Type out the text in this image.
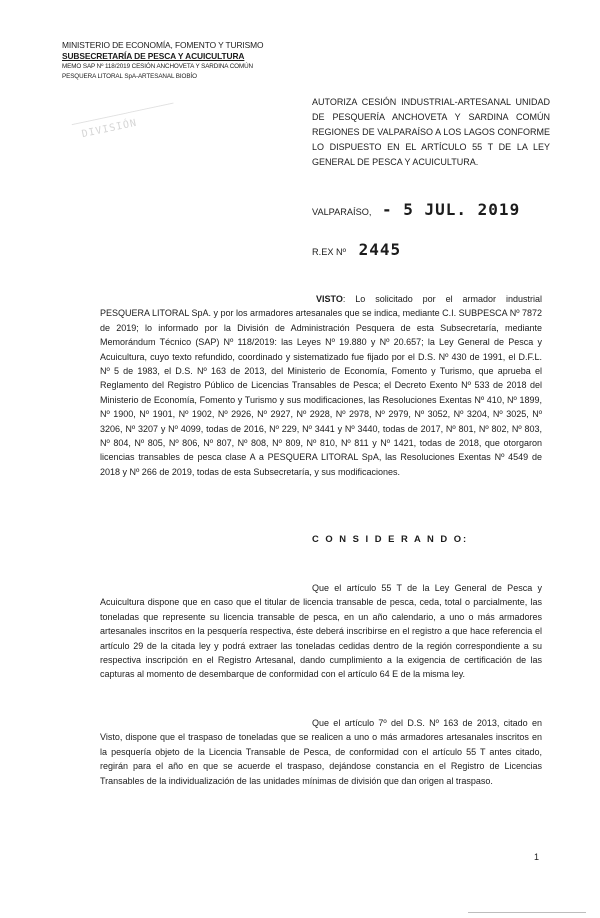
MINISTERIO DE ECONOMÍA, FOMENTO Y TURISMO
SUBSECRETARÍA DE PESCA Y ACUICULTURA
MEMO SAP Nº 118/2019 CESIÓN ANCHOVETA Y SARDINA COMÚN
PESQUERA LITORAL SpA-ARTESANAL BIOBÍO
DIVISIÓN
AUTORIZA CESIÓN INDUSTRIAL-ARTESANAL UNIDAD DE PESQUERÍA ANCHOVETA Y SARDINA COMÚN REGIONES DE VALPARAÍSO A LOS LAGOS CONFORME LO DISPUESTO EN EL ARTÍCULO 55 T DE LA LEY GENERAL DE PESCA Y ACUICULTURA.
VALPARAÍSO, - 5 JUL. 2019
R.EX Nº 2445
VISTO: Lo solicitado por el armador industrial PESQUERA LITORAL SpA. y por los armadores artesanales que se indica, mediante C.I. SUBPESCA Nº 7872 de 2019; lo informado por la División de Administración Pesquera de esta Subsecretaría, mediante Memorándum Técnico (SAP) Nº 118/2019: las Leyes Nº 19.880 y Nº 20.657; la Ley General de Pesca y Acuicultura, cuyo texto refundido, coordinado y sistematizado fue fijado por el D.S. Nº 430 de 1991, el D.F.L. Nº 5 de 1983, el D.S. Nº 163 de 2013, del Ministerio de Economía, Fomento y Turismo, que aprueba el Reglamento del Registro Público de Licencias Transables de Pesca; el Decreto Exento Nº 533 de 2018 del Ministerio de Economía, Fomento y Turismo y sus modificaciones, las Resoluciones Exentas Nº 410, Nº 1899, Nº 1900, Nº 1901, Nº 1902, Nº 2926, Nº 2927, Nº 2928, Nº 2978, Nº 2979, Nº 3052, Nº 3204, Nº 3025, Nº 3206, Nº 3207 y Nº 4099, todas de 2016, Nº 229, Nº 3441 y Nº 3440, todas de 2017, Nº 801, Nº 802, Nº 803, Nº 804, Nº 805, Nº 806, Nº 807, Nº 808, Nº 809, Nº 810, Nº 811 y Nº 1421, todas de 2018, que otorgaron licencias transables de pesca clase A a PESQUERA LITORAL SpA, las Resoluciones Exentas Nº 4549 de 2018 y Nº 266 de 2019, todas de esta Subsecretaría, y sus modificaciones.
C O N S I D E R A N D O:
Que el artículo 55 T de la Ley General de Pesca y Acuicultura dispone que en caso que el titular de licencia transable de pesca, ceda, total o parcialmente, las toneladas que represente su licencia transable de pesca, en un año calendario, a uno o más armadores artesanales inscritos en la pesquería respectiva, éste deberá inscribirse en el registro a que hace referencia el artículo 29 de la citada ley y podrá extraer las toneladas cedidas dentro de la región correspondiente a su respectiva inscripción en el Registro Artesanal, dando cumplimiento a la exigencia de certificación de las capturas al momento de desembarque de conformidad con el artículo 64 E de la misma ley.
Que el artículo 7º del D.S. Nº 163 de 2013, citado en Visto, dispone que el traspaso de toneladas que se realicen a uno o más armadores artesanales inscritos en la pesquería objeto de la Licencia Transable de Pesca, de conformidad con el artículo 55 T antes citado, regirán para el año en que se acuerde el traspaso, dejándose constancia en el Registro de Licencias Transables de la individualización de las unidades mínimas de división que dan origen al traspaso.
1
